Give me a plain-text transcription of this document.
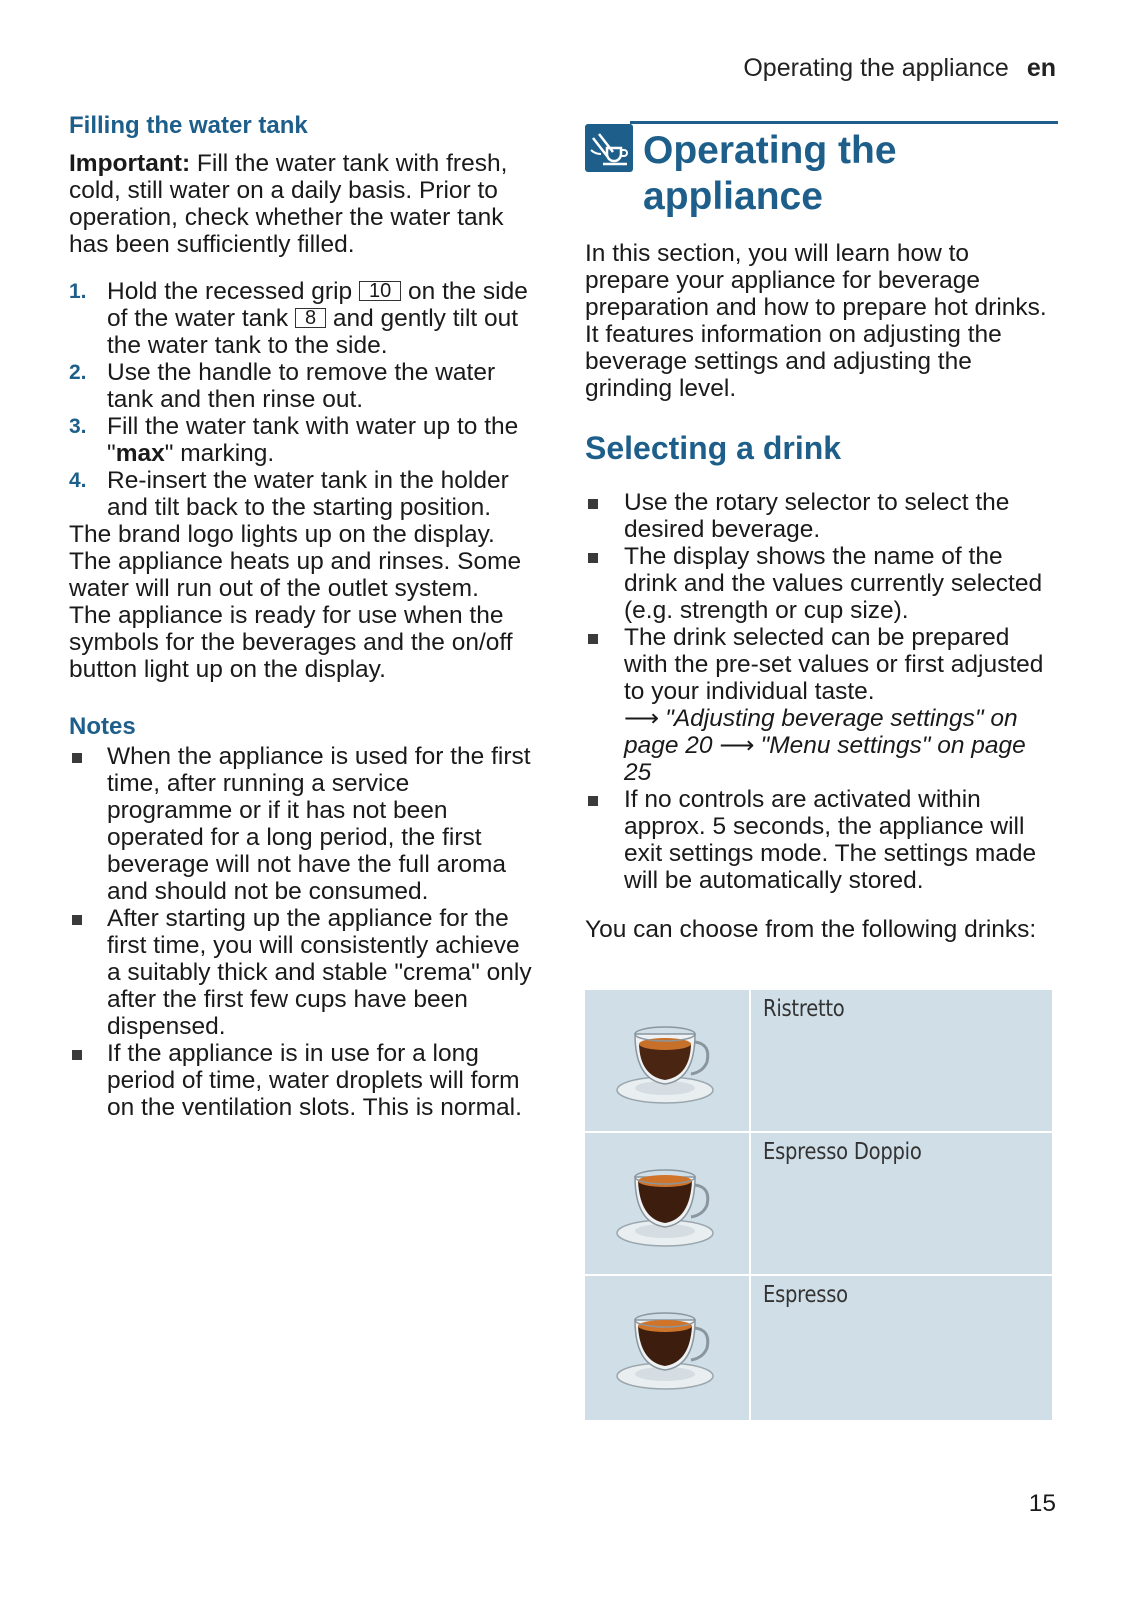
Operating the appliance en
Filling the water tank

Important: Fill the water tank with fresh, cold, still water on a daily basis. Prior to operation, check whether the water tank has been sufficiently filled.

1. Hold the recessed grip 10 on the side of the water tank 8 and gently tilt out the water tank to the side.
2. Use the handle to remove the water tank and then rinse out.
3. Fill the water tank with water up to the "max" marking.
4. Re-insert the water tank in the holder and tilt back to the starting position.

The brand logo lights up on the display. The appliance heats up and rinses. Some water will run out of the outlet system.

The appliance is ready for use when the symbols for the beverages and the on/off button light up on the display.

Notes
When the appliance is used for the first time, after running a service programme or if it has not been operated for a long period, the first beverage will not have the full aroma and should not be consumed.
After starting up the appliance for the first time, you will consistently achieve a suitably thick and stable "crema" only after the first few cups have been dispensed.
If the appliance is in use for a long period of time, water droplets will form on the ventilation slots. This is normal.
Operating the
appliance

In this section, you will learn how to prepare your appliance for beverage preparation and how to prepare hot drinks. It features information on adjusting the beverage settings and adjusting the grinding level.

Selecting a drink
Use the rotary selector to select the desired beverage.
The display shows the name of the drink and the values currently selected (e.g. strength or cup size).
The drink selected can be prepared with the pre-set values or first adjusted to your individual taste.
⟶ "Adjusting beverage settings" on page 20 ⟶ "Menu settings" on page 25
If no controls are activated within approx. 5 seconds, the appliance will exit settings mode. The settings made will be automatically stored.

You can choose from the following drinks:

Ristretto
Espresso Doppio
Espresso
15
